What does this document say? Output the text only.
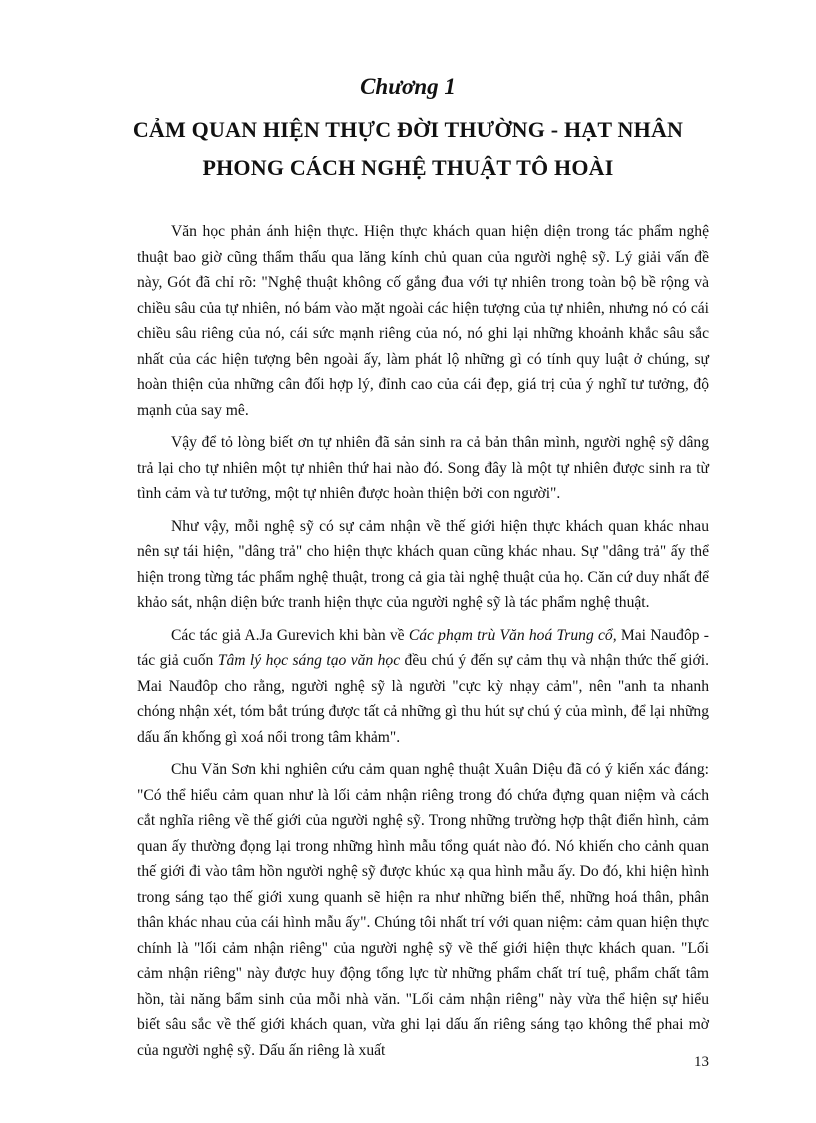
Chương 1
CẢM QUAN HIỆN THỰC ĐỜI THƯỜNG - HẠT NHÂN
PHONG CÁCH NGHỆ THUẬT TÔ HOÀI

Văn học phản ánh hiện thực. Hiện thực khách quan hiện diện trong tác phẩm nghệ thuật bao giờ cũng thẩm thấu qua lăng kính chủ quan của người nghệ sỹ. Lý giải vấn đề này, Gót đã chỉ rõ: "Nghệ thuật không cố gắng đua với tự nhiên trong toàn bộ bề rộng và chiều sâu của tự nhiên, nó bám vào mặt ngoài các hiện tượng của tự nhiên, nhưng nó có cái chiều sâu riêng của nó, cái sức mạnh riêng của nó, nó ghi lại những khoảnh khắc sâu sắc nhất của các hiện tượng bên ngoài ấy, làm phát lộ những gì có tính quy luật ở chúng, sự hoàn thiện của những cân đối hợp lý, đỉnh cao của cái đẹp, giá trị của ý nghĩ tư tưởng, độ mạnh của say mê.

Vậy để tỏ lòng biết ơn tự nhiên đã sản sinh ra cả bản thân mình, người nghệ sỹ dâng trả lại cho tự nhiên một tự nhiên thứ hai nào đó. Song đây là một tự nhiên được sinh ra từ tình cảm và tư tưởng, một tự nhiên được hoàn thiện bởi con người".

Như vậy, mỗi nghệ sỹ có sự cảm nhận về thế giới hiện thực khách quan khác nhau nên sự tái hiện, "dâng trả" cho hiện thực khách quan cũng khác nhau. Sự "dâng trả" ấy thể hiện trong từng tác phẩm nghệ thuật, trong cả gia tài nghệ thuật của họ. Căn cứ duy nhất để khảo sát, nhận diện bức tranh hiện thực của người nghệ sỹ là tác phẩm nghệ thuật.

Các tác giả A.Ja Gurevich khi bàn về Các phạm trù Văn hoá Trung cổ, Mai Nauđôp - tác giả cuốn Tâm lý học sáng tạo văn học đều chú ý đến sự cảm thụ và nhận thức thế giới. Mai Nauđôp cho rằng, người nghệ sỹ là người "cực kỳ nhạy cảm", nên "anh ta nhanh chóng nhận xét, tóm bắt trúng được tất cả những gì thu hút sự chú ý của mình, để lại những dấu ấn khống gì xoá nổi trong tâm khảm".

Chu Văn Sơn khi nghiên cứu cảm quan nghệ thuật Xuân Diệu đã có ý kiến xác đáng: "Có thể hiểu cảm quan như là lối cảm nhận riêng trong đó chứa đựng quan niệm và cách cắt nghĩa riêng về thế giới của người nghệ sỹ. Trong những trường hợp thật điển hình, cảm quan ấy thường đọng lại trong những hình mẫu tổng quát nào đó. Nó khiến cho cảnh quan thế giới đi vào tâm hồn người nghệ sỹ được khúc xạ qua hình mẫu ấy. Do đó, khi hiện hình trong sáng tạo thế giới xung quanh sẽ hiện ra như những biến thể, những hoá thân, phân thân khác nhau của cái hình mẫu ấy". Chúng tôi nhất trí với quan niệm: cảm quan hiện thực chính là "lối cảm nhận riêng" của người nghệ sỹ về thế giới hiện thực khách quan. "Lối cảm nhận riêng" này được huy động tổng lực từ những phẩm chất trí tuệ, phẩm chất tâm hồn, tài năng bẩm sinh của mỗi nhà văn. "Lối cảm nhận riêng" này vừa thể hiện sự hiểu biết sâu sắc về thế giới khách quan, vừa ghi lại dấu ấn riêng sáng tạo không thể phai mờ của người nghệ sỹ. Dấu ấn riêng là xuất

13
